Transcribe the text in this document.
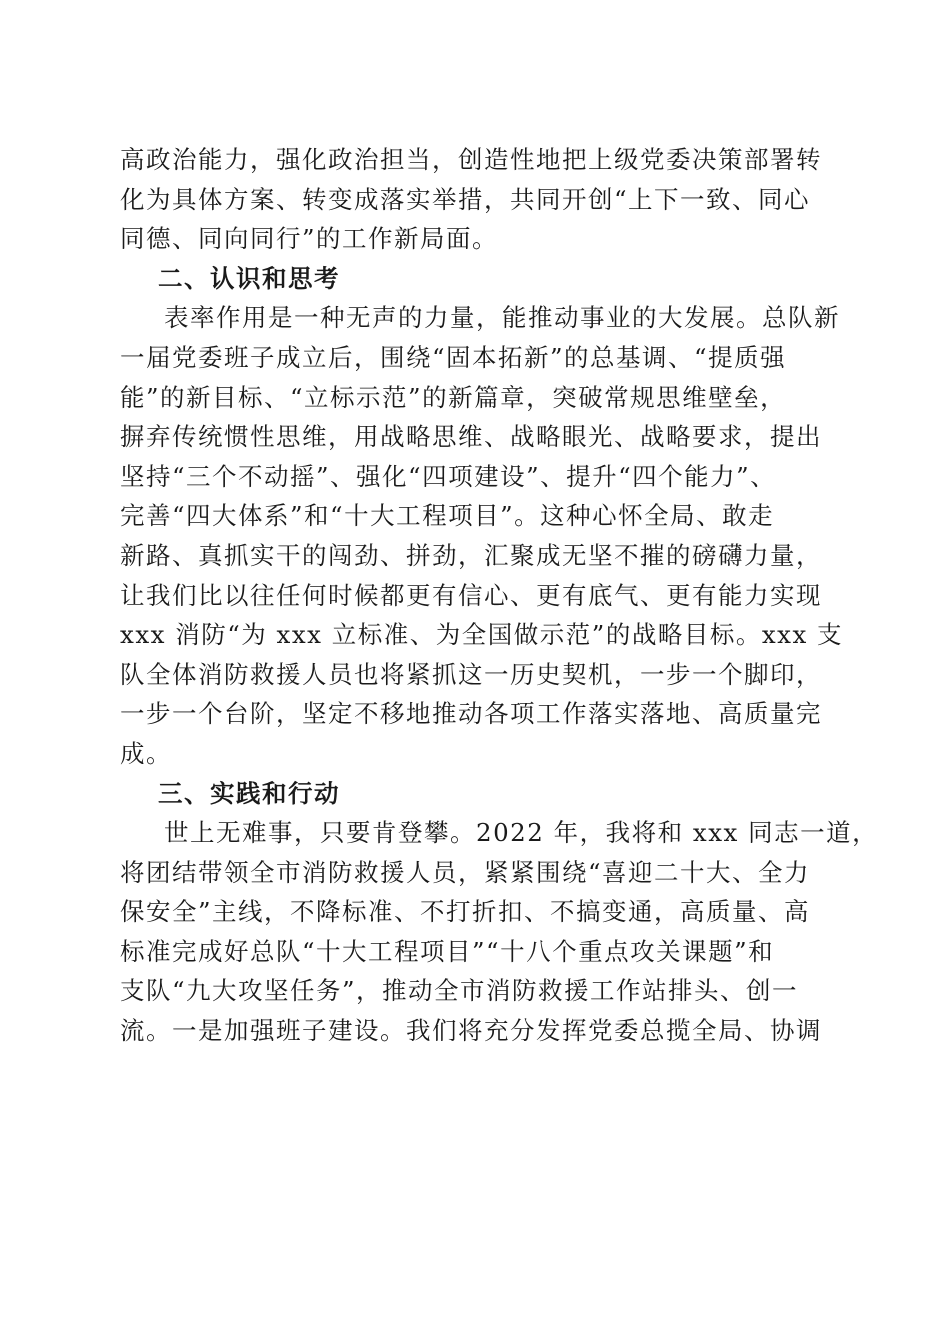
高政治能力，强化政治担当，创造性地把上级党委决策部署转
化为具体方案、转变成落实举措，共同开创“上下一致、同心
同德、同向同行”的工作新局面。
二、认识和思考
表率作用是一种无声的力量，能推动事业的大发展。总队新
一届党委班子成立后，围绕“固本拓新”的总基调、“提质强
能”的新目标、“立标示范”的新篇章，突破常规思维壁垒，
摒弃传统惯性思维，用战略思维、战略眼光、战略要求，提出
坚持“三个不动摇”、强化“四项建设”、提升“四个能力”、
完善“四大体系”和“十大工程项目”。这种心怀全局、敢走
新路、真抓实干的闯劲、拼劲，汇聚成无坚不摧的磅礴力量，
让我们比以往任何时候都更有信心、更有底气、更有能力实现
xxx 消防“为 xxx 立标准、为全国做示范”的战略目标。xxx 支
队全体消防救援人员也将紧抓这一历史契机，一步一个脚印，
一步一个台阶，坚定不移地推动各项工作落实落地、高质量完
成。
三、实践和行动
世上无难事，只要肯登攀。2022 年，我将和 xxx 同志一道，
将团结带领全市消防救援人员，紧紧围绕“喜迎二十大、全力
保安全”主线，不降标准、不打折扣、不搞变通，高质量、高
标准完成好总队“十大工程项目”“十八个重点攻关课题”和
支队“九大攻坚任务”，推动全市消防救援工作站排头、创一
流。一是加强班子建设。我们将充分发挥党委总揽全局、协调
